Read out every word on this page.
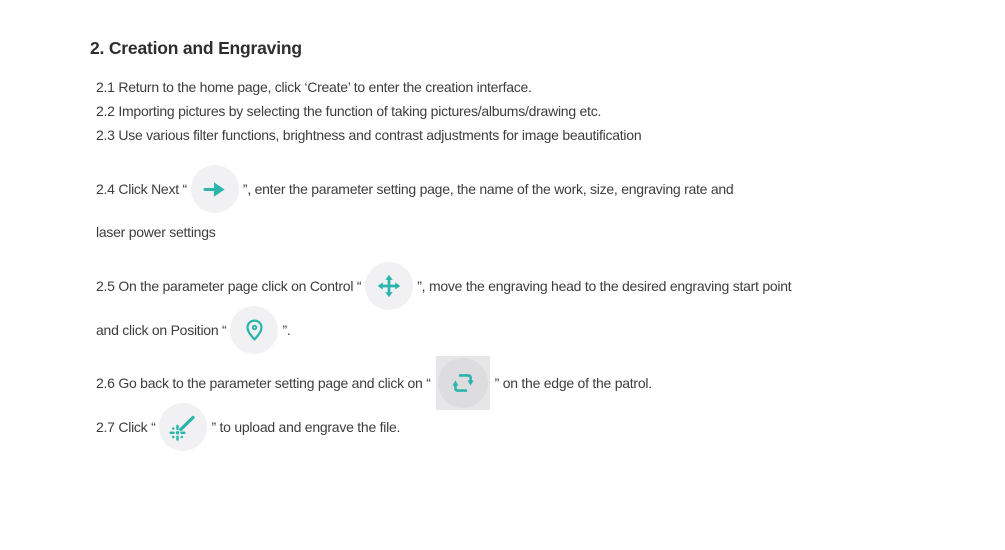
2. Creation and Engraving

2.1 Return to the home page, click ‘Create’ to enter the creation interface.

2.2 Importing pictures by selecting the function of taking pictures/albums/drawing etc.

2.3 Use various filter functions, brightness and contrast adjustments for image beautification

2.4 Click Next “	”, enter the parameter setting page, the name of the work, size, engraving rate and

laser power settings

2.5 On the parameter page click on Control “	”, move the engraving head to the desired engraving start point
and click on Position “	”.
2.6 Go back to the parameter setting page and click on “	” on the edge of the patrol.
2.7 Click “	” to upload and engrave the file.
